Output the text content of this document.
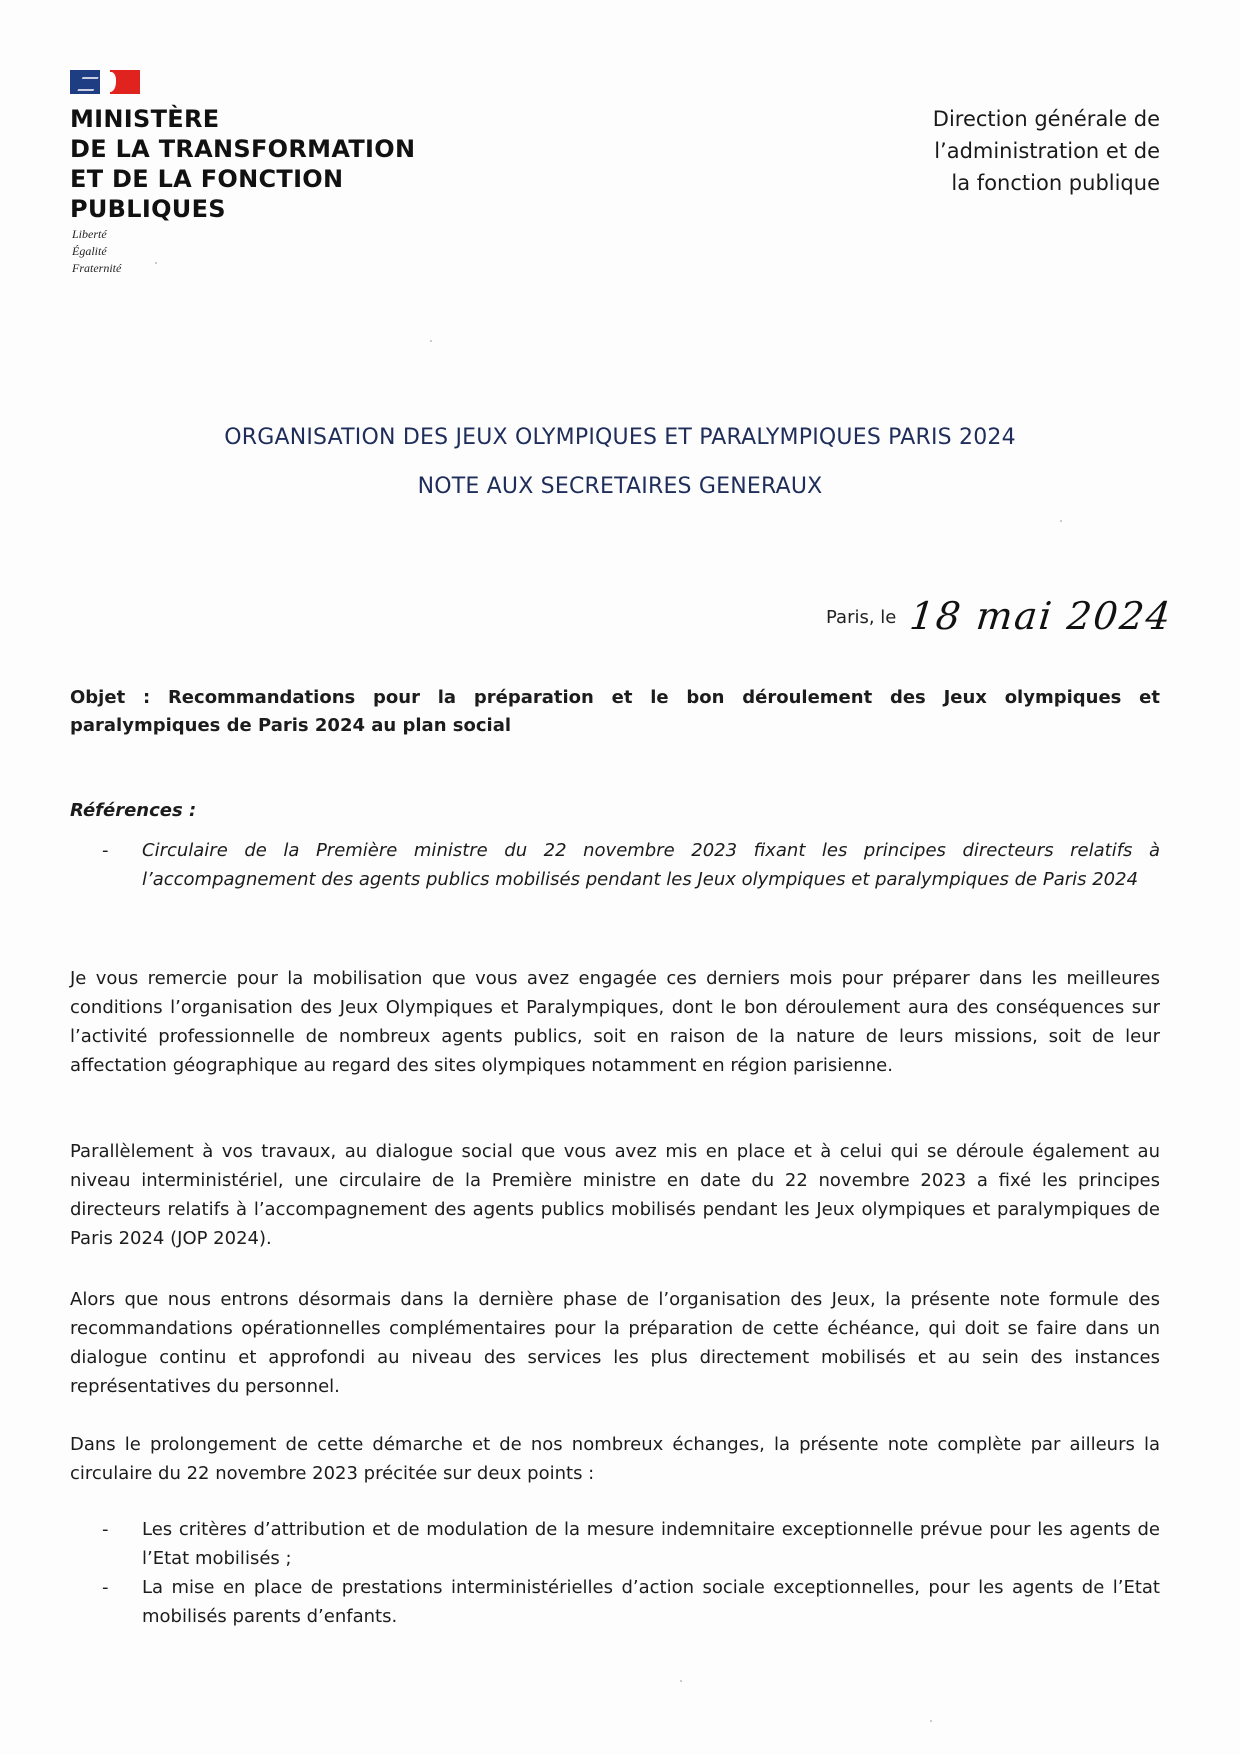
MINISTÈRE
DE LA TRANSFORMATION
ET DE LA FONCTION
PUBLIQUES
Liberté
Égalité
Fraternité
Direction générale de
l’administration et de
la fonction publique
ORGANISATION DES JEUX OLYMPIQUES ET PARALYMPIQUES PARIS 2024
NOTE AUX SECRETAIRES GENERAUX
Paris, le 18 mai 2024
Objet : Recommandations pour la préparation et le bon déroulement des Jeux olympiques et paralympiques de Paris 2024 au plan social
Références :
-	Circulaire de la Première ministre du 22 novembre 2023 fixant les principes directeurs relatifs à l’accompagnement des agents publics mobilisés pendant les Jeux olympiques et paralympiques de Paris 2024
Je vous remercie pour la mobilisation que vous avez engagée ces derniers mois pour préparer dans les meilleures conditions l’organisation des Jeux Olympiques et Paralympiques, dont le bon déroulement aura des conséquences sur l’activité professionnelle de nombreux agents publics, soit en raison de la nature de leurs missions, soit de leur affectation géographique au regard des sites olympiques notamment en région parisienne.
Parallèlement à vos travaux, au dialogue social que vous avez mis en place et à celui qui se déroule également au niveau interministériel, une circulaire de la Première ministre en date du 22 novembre 2023 a fixé les principes directeurs relatifs à l’accompagnement des agents publics mobilisés pendant les Jeux olympiques et paralympiques de Paris 2024 (JOP 2024).
Alors que nous entrons désormais dans la dernière phase de l’organisation des Jeux, la présente note formule des recommandations opérationnelles complémentaires pour la préparation de cette échéance, qui doit se faire dans un dialogue continu et approfondi au niveau des services les plus directement mobilisés et au sein des instances représentatives du personnel.
Dans le prolongement de cette démarche et de nos nombreux échanges, la présente note complète par ailleurs la circulaire du 22 novembre 2023 précitée sur deux points :
-	Les critères d’attribution et de modulation de la mesure indemnitaire exceptionnelle prévue pour les agents de l’Etat mobilisés ;
-	La mise en place de prestations interministérielles d’action sociale exceptionnelles, pour les agents de l’Etat mobilisés parents d’enfants.
